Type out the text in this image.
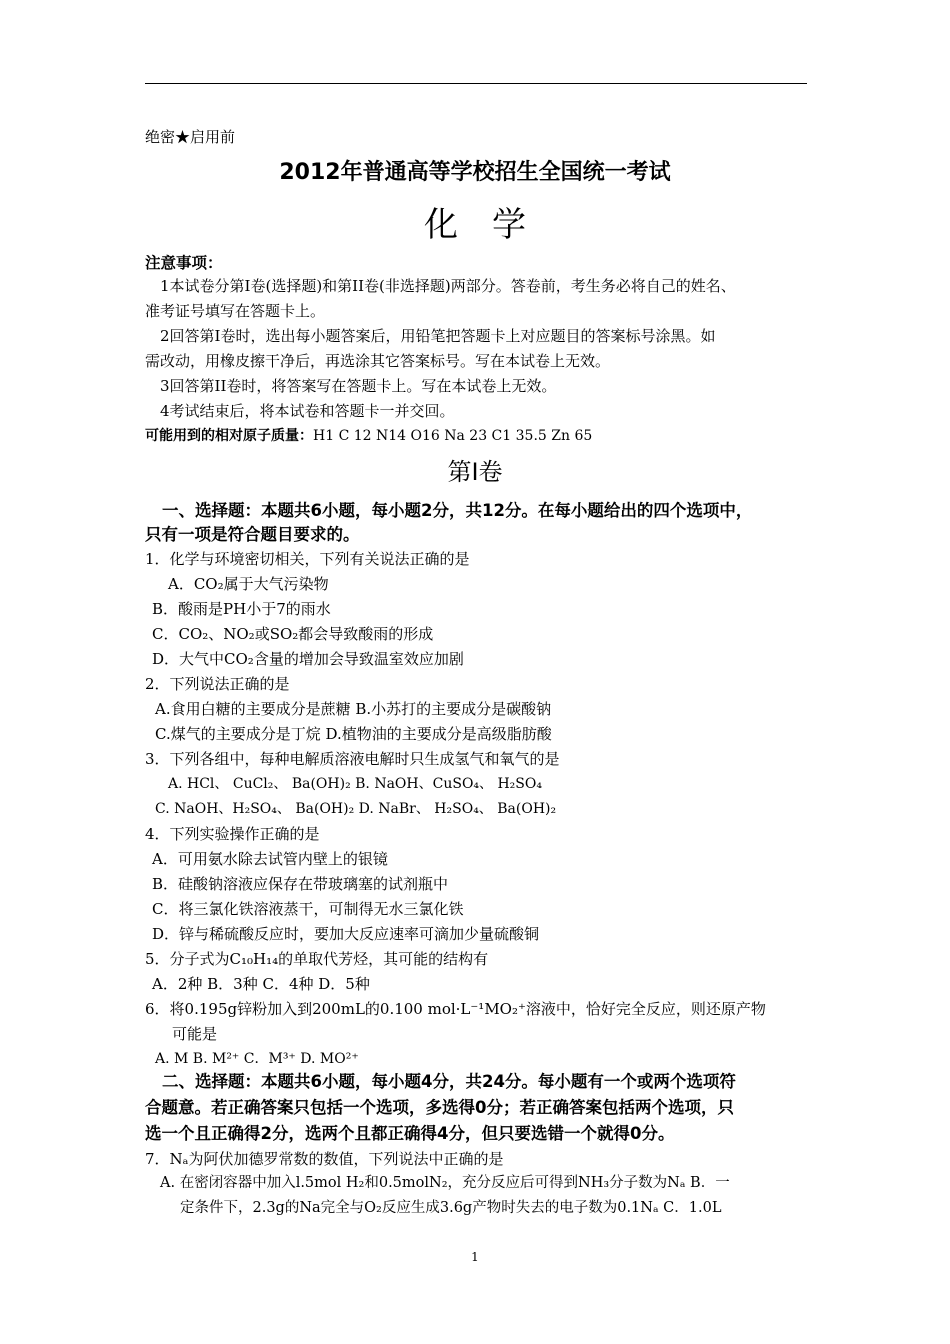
绝密★启用前
2012年普通高等学校招生全国统一考试
化　学
注意事项：
1本试卷分第I卷(选择题)和第II卷(非选择题)两部分。答卷前，考生务必将自己的姓名、
准考证号填写在答题卡上。
2回答第I卷时，选出每小题答案后，用铅笔把答题卡上对应题目的答案标号涂黑。如
需改动，用橡皮擦干净后，再选涂其它答案标号。写在本试卷上无效。
3回答第II卷时，将答案写在答题卡上。写在本试卷上无效。
4考试结束后，将本试卷和答题卡一并交回。
可能用到的相对原子质量：H1 C 12 N14 O16 Na 23 C1 35.5 Zn 65
第I卷
一、选择题：本题共6小题，每小题2分，共12分。在每小题给出的四个选项中，
只有一项是符合题目要求的。
1．化学与环境密切相关，下列有关说法正确的是
A．CO₂属于大气污染物
B．酸雨是PH小于7的雨水
C．CO₂、NO₂或SO₂都会导致酸雨的形成
D．大气中CO₂含量的增加会导致温室效应加剧
2．下列说法正确的是
A.食用白糖的主要成分是蔗糖 B.小苏打的主要成分是碳酸钠
C.煤气的主要成分是丁烷 D.植物油的主要成分是高级脂肪酸
3．下列各组中，每种电解质溶液电解时只生成氢气和氧气的是
A. HCl、 CuCl₂、 Ba(OH)₂ B. NaOH、CuSO₄、 H₂SO₄
C. NaOH、H₂SO₄、 Ba(OH)₂ D. NaBr、 H₂SO₄、 Ba(OH)₂
4．下列实验操作正确的是
A．可用氨水除去试管内壁上的银镜
B．硅酸钠溶液应保存在带玻璃塞的试剂瓶中
C．将三氯化铁溶液蒸干，可制得无水三氯化铁
D．锌与稀硫酸反应时，要加大反应速率可滴加少量硫酸铜
5．分子式为C₁₀H₁₄的单取代芳烃，其可能的结构有
A．2种 B．3种 C．4种 D．5种
6．将0.195g锌粉加入到200mL的0.100 mol·L⁻¹MO₂⁺溶液中，恰好完全反应，则还原产物
可能是
A. M B. M²⁺ C．M³⁺ D. MO²⁺
二、选择题：本题共6小题，每小题4分，共24分。每小题有一个或两个选项符
合题意。若正确答案只包括一个选项，多选得0分；若正确答案包括两个选项，只
选一个且正确得2分，选两个且都正确得4分，但只要选错一个就得0分。
7．Nₐ为阿伏加德罗常数的数值，下列说法中正确的是
A. 在密闭容器中加入l.5mol H₂和0.5molN₂，充分反应后可得到NH₃分子数为Nₐ B．一
定条件下，2.3g的Na完全与O₂反应生成3.6g产物时失去的电子数为0.1Nₐ C．1.0L
1
